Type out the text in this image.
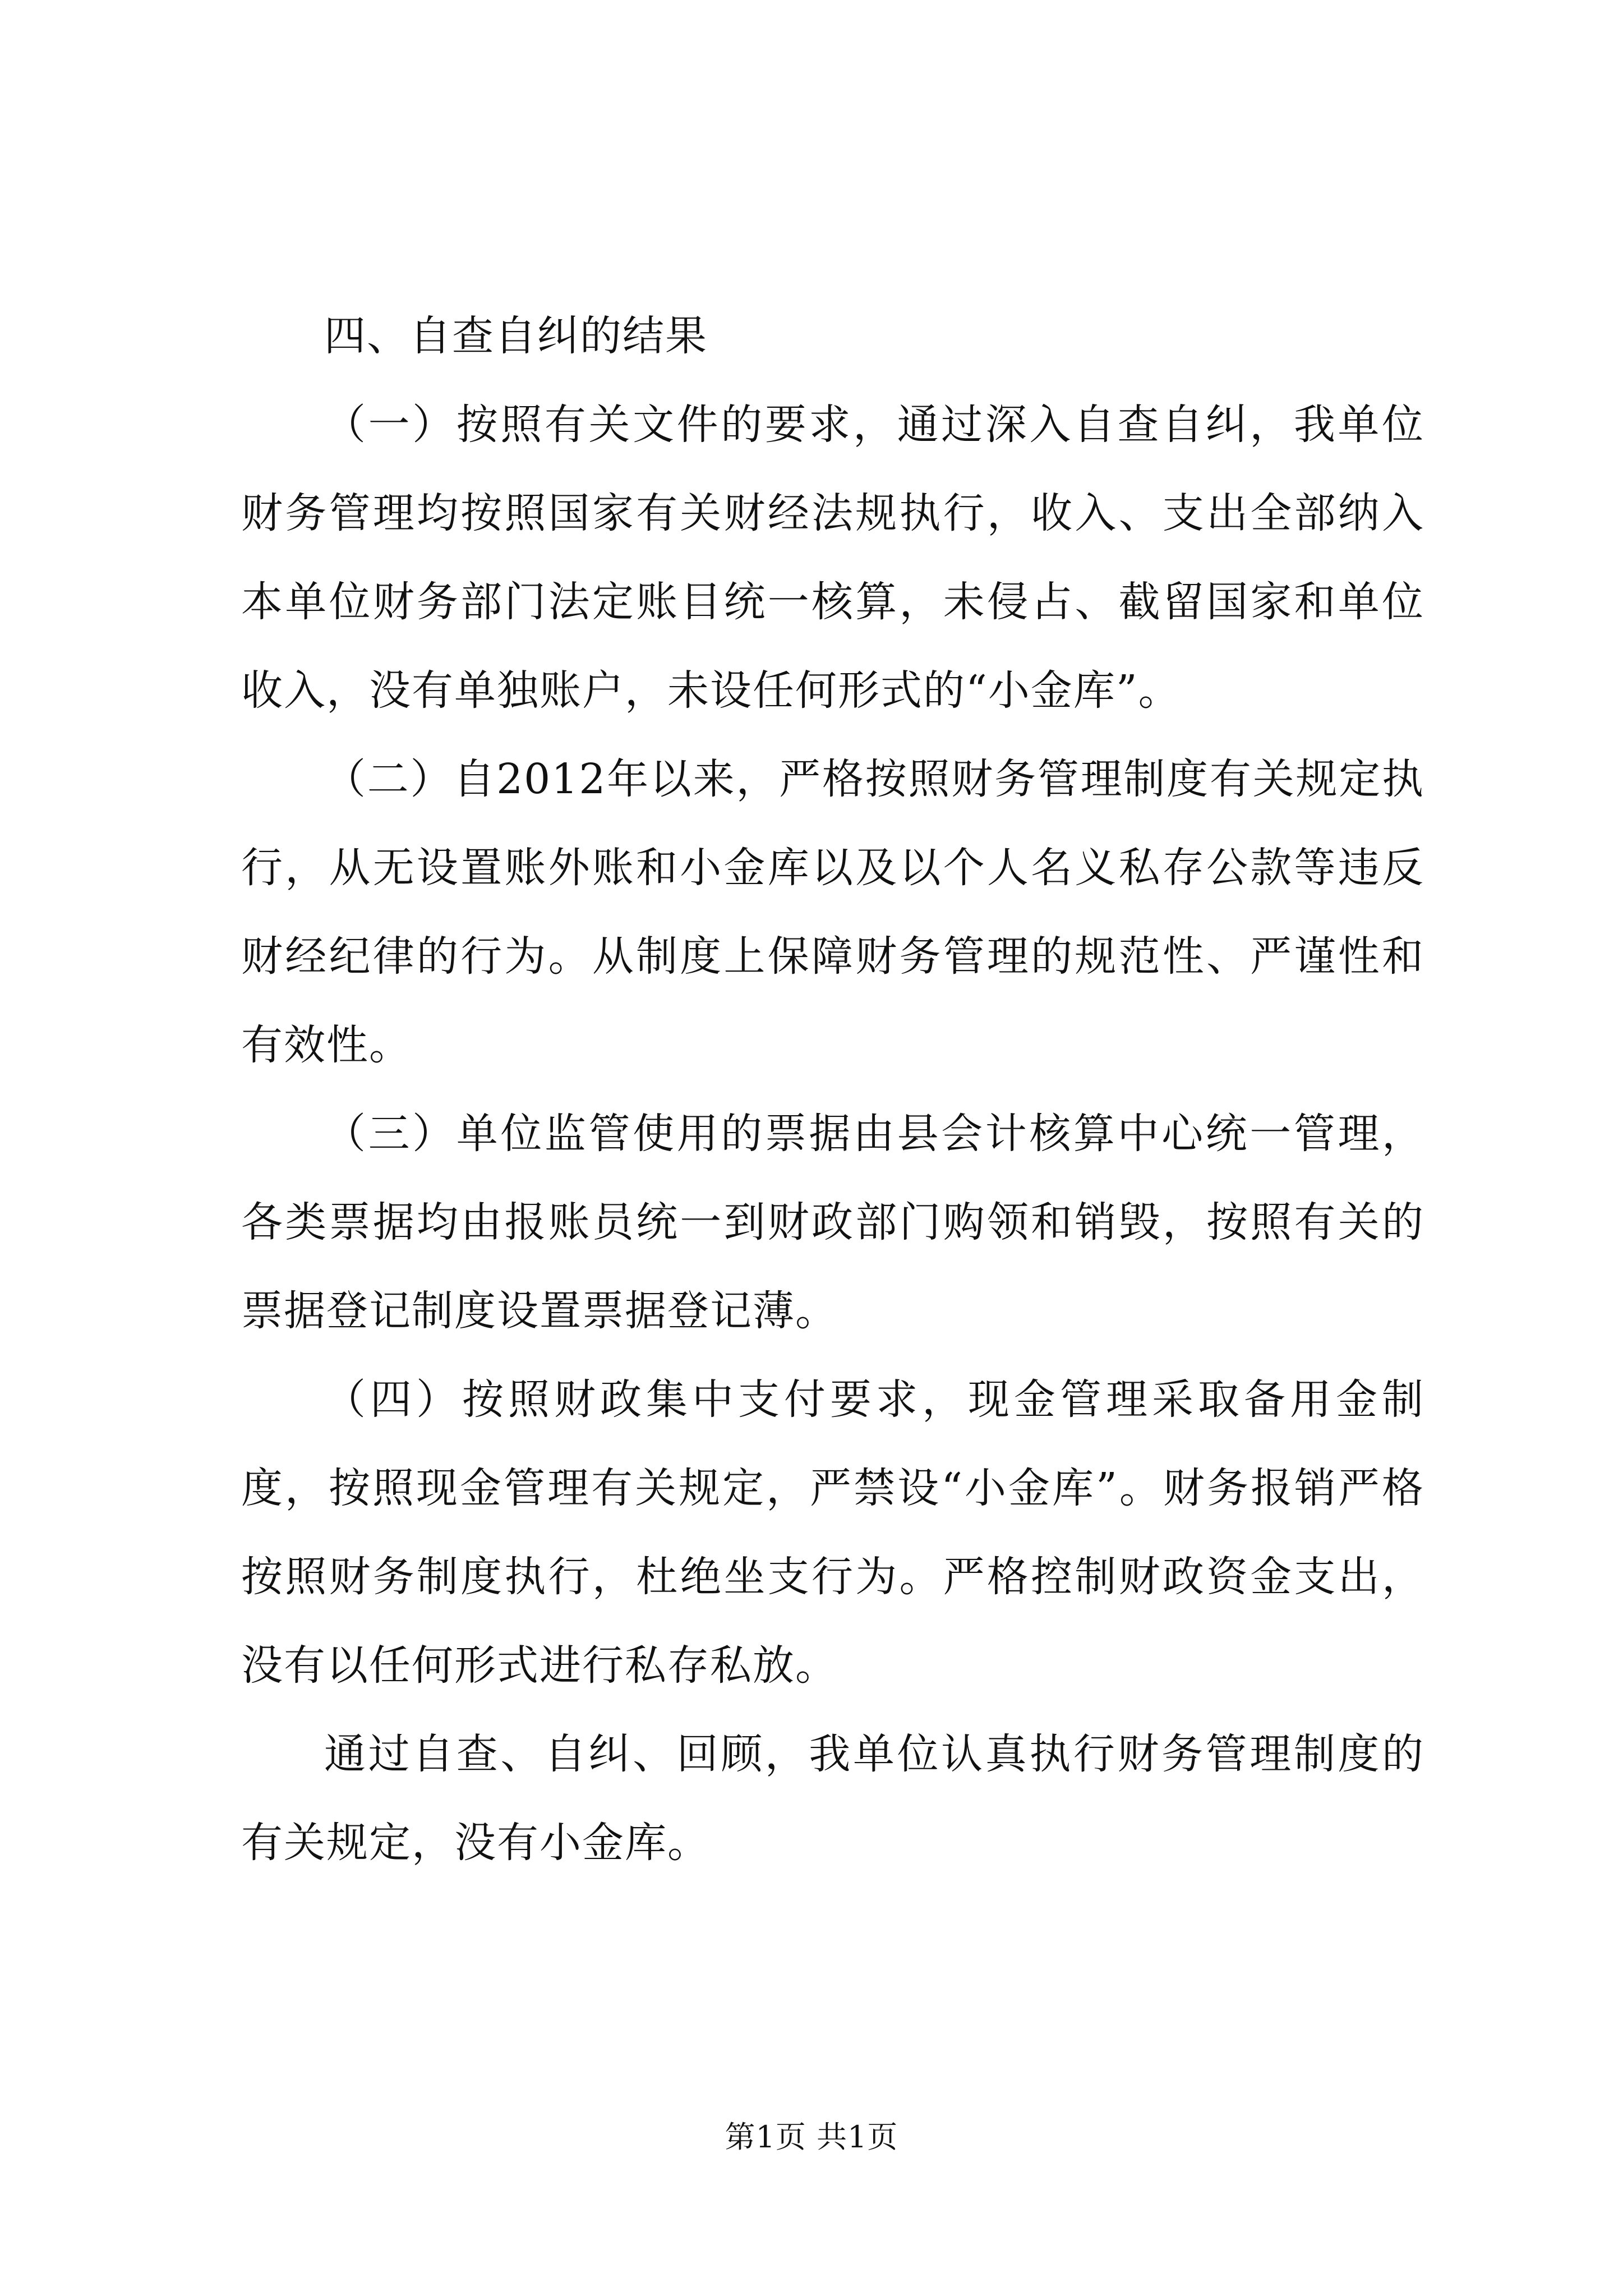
四、自查自纠的结果

（一）按照有关文件的要求，通过深入自查自纠，我单位财务管理均按照国家有关财经法规执行，收入、支出全部纳入本单位财务部门法定账目统一核算，未侵占、截留国家和单位收入，没有单独账户，未设任何形式的“小金库”。

（二）自2012年以来，严格按照财务管理制度有关规定执行，从无设置账外账和小金库以及以个人名义私存公款等违反财经纪律的行为。从制度上保障财务管理的规范性、严谨性和有效性。

（三）单位监管使用的票据由县会计核算中心统一管理，各类票据均由报账员统一到财政部门购领和销毁，按照有关的票据登记制度设置票据登记薄。

（四）按照财政集中支付要求，现金管理采取备用金制度，按照现金管理有关规定，严禁设“小金库”。财务报销严格按照财务制度执行，杜绝坐支行为。严格控制财政资金支出，没有以任何形式进行私存私放。

通过自查、自纠、回顾，我单位认真执行财务管理制度的有关规定，没有小金库。

第1页 共1页
